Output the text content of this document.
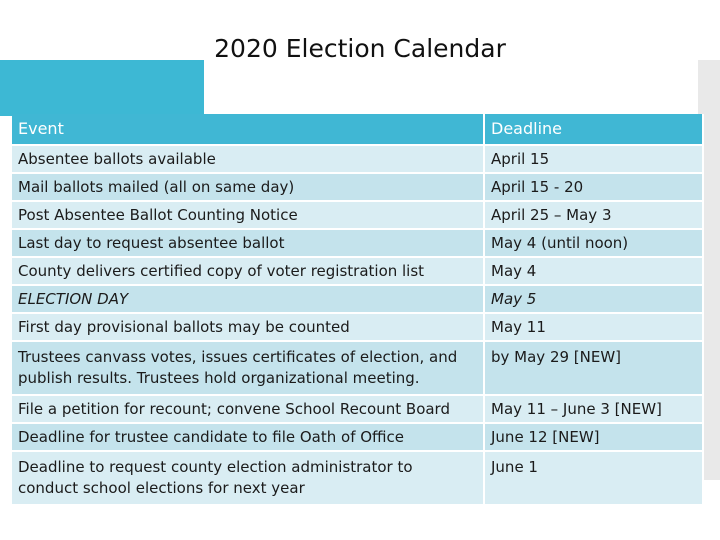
2020 Election Calendar
Event	Deadline
Absentee ballots available	April 15
Mail ballots mailed (all on same day)	April 15 - 20
Post Absentee Ballot Counting Notice	April 25 – May 3
Last day to request absentee ballot	May 4 (until noon)
County delivers certified copy of voter registration list	May 4
ELECTION DAY	May 5
First day provisional ballots may be counted	May 11
Trustees canvass votes, issues certificates of election, and publish results. Trustees hold organizational meeting.	by May 29 [NEW]
File a petition for recount; convene School Recount Board	May 11 – June 3 [NEW]
Deadline for trustee candidate to file Oath of Office	June 12 [NEW]
Deadline to request county election administrator to conduct school elections for next year	June 1
